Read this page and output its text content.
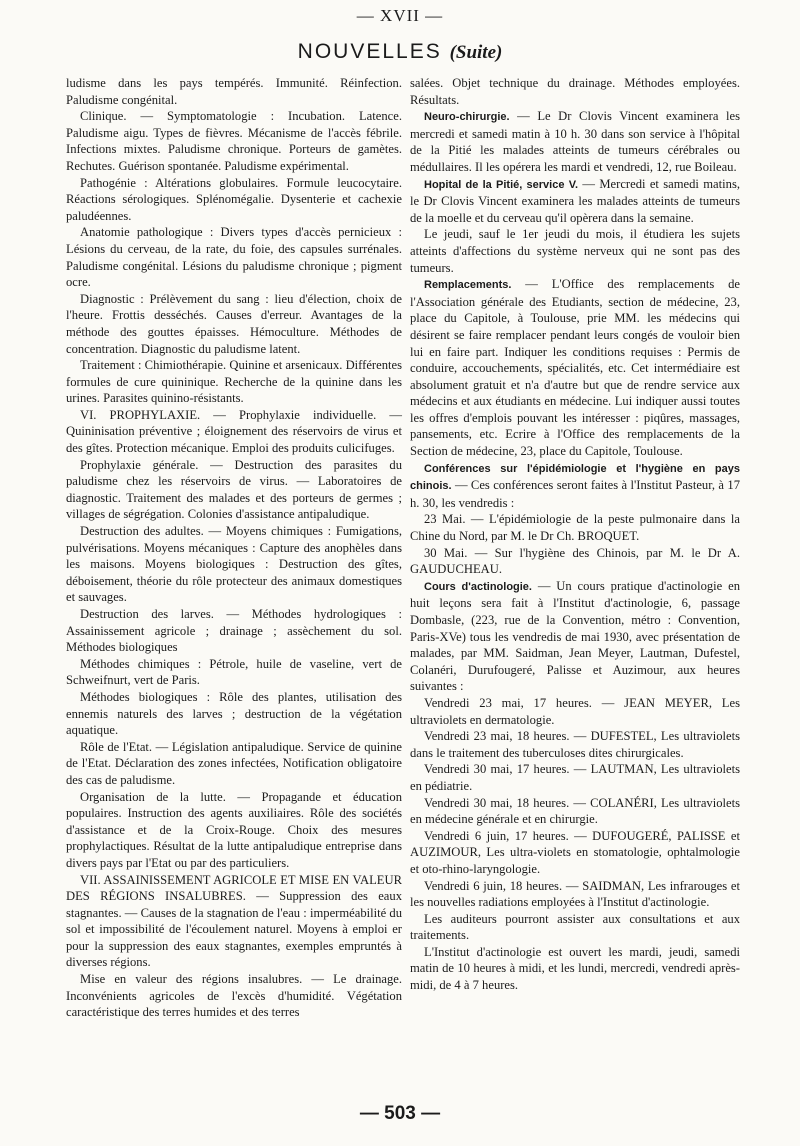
— XVII —
NOUVELLES (Suite)

ludisme dans les pays tempérés. Immunité. Réinfection. Paludisme congénital.

Clinique. — Symptomatologie : Incubation. Latence. Paludisme aigu. Types de fièvres. Mécanisme de l'accès fébrile. Infections mixtes. Paludisme chronique. Porteurs de gamètes. Rechutes. Guérison spontanée. Paludisme expérimental.

Pathogénie : Altérations globulaires. Formule leucocytaire. Réactions sérologiques. Splénomégalie. Dysenterie et cachexie paludéennes.

Anatomie pathologique : Divers types d'accès pernicieux : Lésions du cerveau, de la rate, du foie, des capsules surrénales. Paludisme congénital. Lésions du paludisme chronique ; pigment ocre.

Diagnostic : Prélèvement du sang : lieu d'élection, choix de l'heure. Frottis desséchés. Causes d'erreur. Avantages de la méthode des gouttes épaisses. Hémoculture. Méthodes de concentration. Diagnostic du paludisme latent.

Traitement : Chimiothérapie. Quinine et arsenicaux. Différentes formules de cure quininique. Recherche de la quinine dans les urines. Parasites quinino-résistants.

VI. PROPHYLAXIE. — Prophylaxie individuelle. — Quininisation préventive ; éloignement des réservoirs de virus et des gîtes. Protection mécanique. Emploi des produits culicifuges.

Prophylaxie générale. — Destruction des parasites du paludisme chez les réservoirs de virus. — Laboratoires de diagnostic. Traitement des malades et des porteurs de germes ; villages de ségrégation. Colonies d'assistance antipaludique.

Destruction des adultes. — Moyens chimiques : Fumigations, pulvérisations. Moyens mécaniques : Capture des anophèles dans les maisons. Moyens biologiques : Destruction des gîtes, déboisement, théorie du rôle protecteur des animaux domestiques et sauvages.

Destruction des larves. — Méthodes hydrologiques : Assainissement agricole ; drainage ; assèchement du sol. Méthodes biologiques

Méthodes chimiques : Pétrole, huile de vaseline, vert de Schweifnurt, vert de Paris.

Méthodes biologiques : Rôle des plantes, utilisation des ennemis naturels des larves ; destruction de la végétation aquatique.

Rôle de l'Etat. — Législation antipaludique. Service de quinine de l'Etat. Déclaration des zones infectées, Notification obligatoire des cas de paludisme.

Organisation de la lutte. — Propagande et éducation populaires. Instruction des agents auxiliaires. Rôle des sociétés d'assistance et de la Croix-Rouge. Choix des mesures prophylactiques. Résultat de la lutte antipaludique entreprise dans divers pays par l'Etat ou par des particuliers.

VII. ASSAINISSEMENT AGRICOLE ET MISE EN VALEUR DES RÉGIONS INSALUBRES. — Suppression des eaux stagnantes. — Causes de la stagnation de l'eau : imperméabilité du sol et impossibilité de l'écoulement naturel. Moyens à emploi er pour la suppression des eaux stagnantes, exemples empruntés à diverses régions.

Mise en valeur des régions insalubres. — Le drainage. Inconvénients agricoles de l'excès d'humidité. Végétation caractéristique des terres humides et des terres

salées. Objet technique du drainage. Méthodes employées. Résultats.

Neuro-chirurgie. — Le Dr Clovis Vincent examinera les mercredi et samedi matin à 10 h. 30 dans son service à l'hôpital de la Pitié les malades atteints de tumeurs cérébrales ou médullaires. Il les opérera les mardi et vendredi, 12, rue Boileau.

Hopital de la Pitié, service V. — Mercredi et samedi matins, le Dr Clovis Vincent examinera les malades atteints de tumeurs de la moelle et du cerveau qu'il opèrera dans la semaine.

Le jeudi, sauf le 1er jeudi du mois, il étudiera les sujets atteints d'affections du système nerveux qui ne sont pas des tumeurs.

Remplacements. — L'Office des remplacements de l'Association générale des Etudiants, section de médecine, 23, place du Capitole, à Toulouse, prie MM. les médecins qui désirent se faire remplacer pendant leurs congés de vouloir bien lui en faire part. Indiquer les conditions requises : Permis de conduire, accouchements, spécialités, etc. Cet intermédiaire est absolument gratuit et n'a d'autre but que de rendre service aux médecins et aux étudiants en médecine. Lui indiquer aussi toutes les offres d'emplois pouvant les intéresser : piqûres, massages, pansements, etc. Ecrire à l'Office des remplacements de la Section de médecine, 23, place du Capitole, Toulouse.

Conférences sur l'épidémiologie et l'hygiène en pays chinois. — Ces conférences seront faites à l'Institut Pasteur, à 17 h. 30, les vendredis :

23 Mai. — L'épidémiologie de la peste pulmonaire dans la Chine du Nord, par M. le Dr Ch. BROQUET.

30 Mai. — Sur l'hygiène des Chinois, par M. le Dr A. GAUDUCHEAU.

Cours d'actinologie. — Un cours pratique d'actinologie en huit leçons sera fait à l'Institut d'actinologie, 6, passage Dombasle, (223, rue de la Convention, métro : Convention, Paris-XVe) tous les vendredis de mai 1930, avec présentation de malades, par MM. Saidman, Jean Meyer, Lautman, Dufestel, Colanéri, Durufougeré, Palisse et Auzimour, aux heures suivantes :

Vendredi 23 mai, 17 heures. — JEAN MEYER, Les ultraviolets en dermatologie.

Vendredi 23 mai, 18 heures. — DUFESTEL, Les ultraviolets dans le traitement des tuberculoses dites chirurgicales.

Vendredi 30 mai, 17 heures. — LAUTMAN, Les ultraviolets en pédiatrie.

Vendredi 30 mai, 18 heures. — COLANÉRI, Les ultraviolets en médecine générale et en chirurgie.

Vendredi 6 juin, 17 heures. — DUFOUGERÉ, PALISSE et AUZIMOUR, Les ultra-violets en stomatologie, ophtalmologie et oto-rhino-laryngologie.

Vendredi 6 juin, 18 heures. — SAIDMAN, Les infrarouges et les nouvelles radiations employées à l'Institut d'actinologie.

Les auditeurs pourront assister aux consultations et aux traitements.

L'Institut d'actinologie est ouvert les mardi, jeudi, samedi matin de 10 heures à midi, et les lundi, mercredi, vendredi après-midi, de 4 à 7 heures.

— 503 —
